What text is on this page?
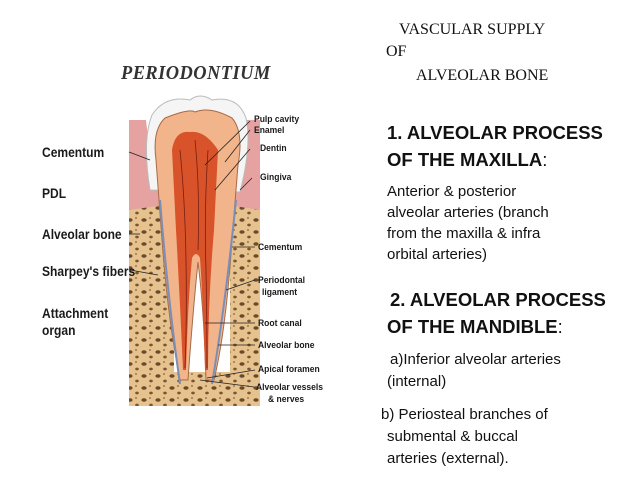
PERIODONTIUM
Cementum
PDL
Alveolar bone
Sharpey's fibers
Attachment
organ
Pulp cavity
Enamel
Dentin
Gingiva
Cementum
Periodontal
ligament
Root canal
Alveolar bone
Apical foramen
Alveolar vessels
& nerves
VASCULAR SUPPLY
OF
ALVEOLAR BONE
1. ALVEOLAR PROCESS
OF THE MAXILLA:
Anterior & posterior
alveolar arteries (branch
from the maxilla & infra
orbital arteries)
2. ALVEOLAR PROCESS
OF THE MANDIBLE:
a)Inferior alveolar arteries
(internal)
b) Periosteal branches of
submental & buccal
arteries (external).
